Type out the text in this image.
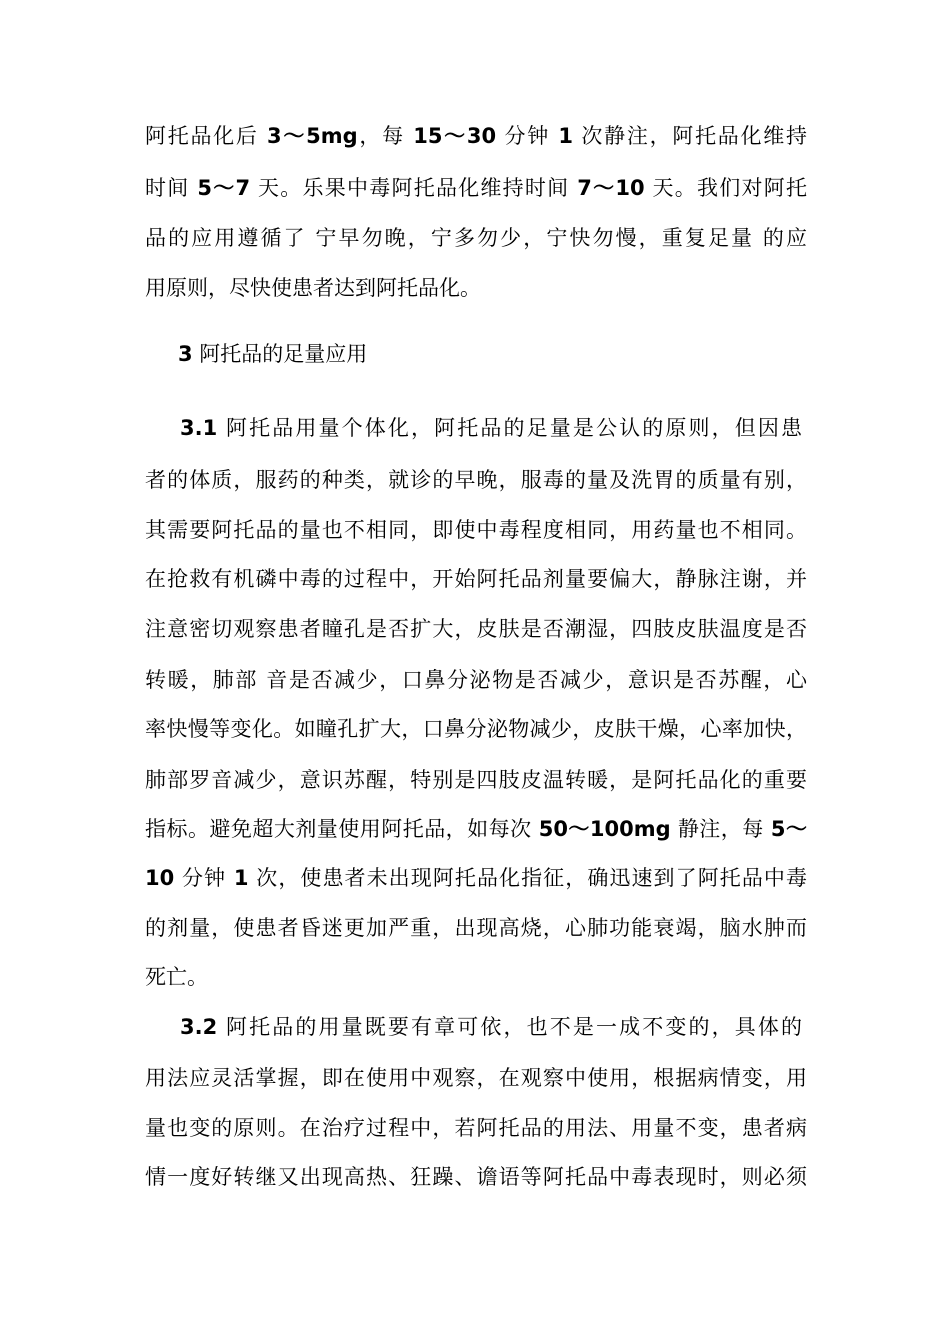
阿托品化后 3～5mg，每 15～30 分钟 1 次静注，阿托品化维持
时间 5～7 天。乐果中毒阿托品化维持时间 7～10 天。我们对阿托
品的应用遵循了 宁早勿晚，宁多勿少，宁快勿慢，重复足量 的应
用原则，尽快使患者达到阿托品化。
3 阿托品的足量应用
3.1 阿托品用量个体化，阿托品的足量是公认的原则，但因患
者的体质，服药的种类，就诊的早晚，服毒的量及洗胃的质量有别，
其需要阿托品的量也不相同，即使中毒程度相同，用药量也不相同。
在抢救有机磷中毒的过程中，开始阿托品剂量要偏大，静脉注谢，并
注意密切观察患者瞳孔是否扩大，皮肤是否潮湿，四肢皮肤温度是否
转暖，肺部 音是否减少，口鼻分泌物是否减少，意识是否苏醒，心
率快慢等变化。如瞳孔扩大，口鼻分泌物减少，皮肤干燥，心率加快，
肺部罗音减少，意识苏醒，特别是四肢皮温转暖，是阿托品化的重要
指标。避免超大剂量使用阿托品，如每次 50～100mg 静注，每 5～
10 分钟 1 次，使患者未出现阿托品化指征，确迅速到了阿托品中毒
的剂量，使患者昏迷更加严重，出现高烧，心肺功能衰竭，脑水肿而
死亡。
3.2 阿托品的用量既要有章可依，也不是一成不变的，具体的
用法应灵活掌握，即在使用中观察，在观察中使用，根据病情变，用
量也变的原则。在治疗过程中，若阿托品的用法、用量不变，患者病
情一度好转继又出现高热、狂躁、谵语等阿托品中毒表现时，则必须
